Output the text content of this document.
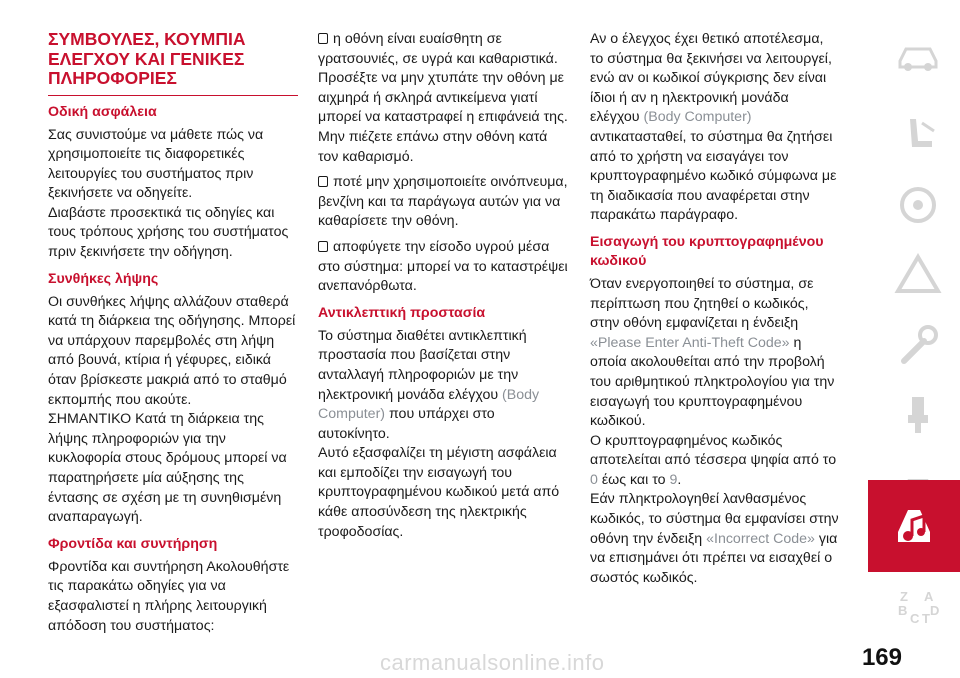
ΣΥΜΒΟΥΛΕΣ, ΚΟΥΜΠΙΑ ΕΛΕΓΧΟΥ ΚΑΙ ΓΕΝΙΚΕΣ ΠΛΗΡΟΦΟΡΙΕΣ
Οδική ασφάλεια

Σας συνιστούμε να μάθετε πώς να χρησιμοποιείτε τις διαφορετικές λειτουργίες του συστήματος πριν ξεκινήσετε να οδηγείτε.

Διαβάστε προσεκτικά τις οδηγίες και τους τρόπους χρήσης του συστήματος πριν ξεκινήσετε την οδήγηση.

Συνθήκες λήψης

Οι συνθήκες λήψης αλλάζουν σταθερά κατά τη διάρκεια της οδήγησης. Μπορεί να υπάρχουν παρεμβολές στη λήψη από βουνά, κτίρια ή γέφυρες, ειδικά όταν βρίσκεστε μακριά από το σταθμό εκπομπής που ακούτε.

ΣΗΜΑΝΤΙΚΟ Κατά τη διάρκεια της λήψης πληροφοριών για την κυκλοφορία στους δρόμους μπορεί να παρατηρήσετε μία αύξησης της έντασης σε σχέση με τη συνηθισμένη αναπαραγωγή.

Φροντίδα και συντήρηση

Φροντίδα και συντήρηση Ακολουθήστε τις παρακάτω οδηγίες για να εξασφαλιστεί η πλήρης λειτουργική απόδοση του συστήματος:

η οθόνη είναι ευαίσθητη σε γρατσουνιές, σε υγρά και καθαριστικά. Προσέξτε να μην χτυπάτε την οθόνη με αιχμηρά ή σκληρά αντικείμενα γιατί μπορεί να καταστραφεί η επιφάνειά της. Μην πιέζετε επάνω στην οθόνη κατά τον καθαρισμό.

ποτέ μην χρησιμοποιείτε οινόπνευμα, βενζίνη και τα παράγωγα αυτών για να καθαρίσετε την οθόνη.

αποφύγετε την είσοδο υγρού μέσα στο σύστημα: μπορεί να το καταστρέψει ανεπανόρθωτα.

Αντικλεπτική προστασία

Το σύστημα διαθέτει αντικλεπτική προστασία που βασίζεται στην ανταλλαγή πληροφοριών με την ηλεκτρονική μονάδα ελέγχου (Body Computer) που υπάρχει στο αυτοκίνητο.

Αυτό εξασφαλίζει τη μέγιστη ασφάλεια και εμποδίζει την εισαγωγή του κρυπτογραφημένου κωδικού μετά από κάθε αποσύνδεση της ηλεκτρικής τροφοδοσίας.

Αν ο έλεγχος έχει θετικό αποτέλεσμα, το σύστημα θα ξεκινήσει να λειτουργεί, ενώ αν οι κωδικοί σύγκρισης δεν είναι ίδιοι ή αν η ηλεκτρονική μονάδα ελέγχου (Body Computer) αντικατασταθεί, το σύστημα θα ζητήσει από το χρήστη να εισαγάγει τον κρυπτογραφημένο κωδικό σύμφωνα με τη διαδικασία που αναφέρεται στην παρακάτω παράγραφο.

Εισαγωγή του κρυπτογραφημένου κωδικού

Όταν ενεργοποιηθεί το σύστημα, σε περίπτωση που ζητηθεί ο κωδικός, στην οθόνη εμφανίζεται η ένδειξη «Please Enter Anti-Theft Code» η οποία ακολουθείται από την προβολή του αριθμητικού πληκτρολογίου για την εισαγωγή του κρυπτογραφημένου κωδικού.

Ο κρυπτογραφημένος κωδικός αποτελείται από τέσσερα ψηφία από το 0 έως και το 9.

Εάν πληκτρολογηθεί λανθασμένος κωδικός, το σύστημα θα εμφανίσει στην οθόνη την ένδειξη «Incorrect Code» για να επισημάνει ότι πρέπει να εισαχθεί ο σωστός κωδικός.

Z A
B
C T
D
169
carmanualsonline.info
